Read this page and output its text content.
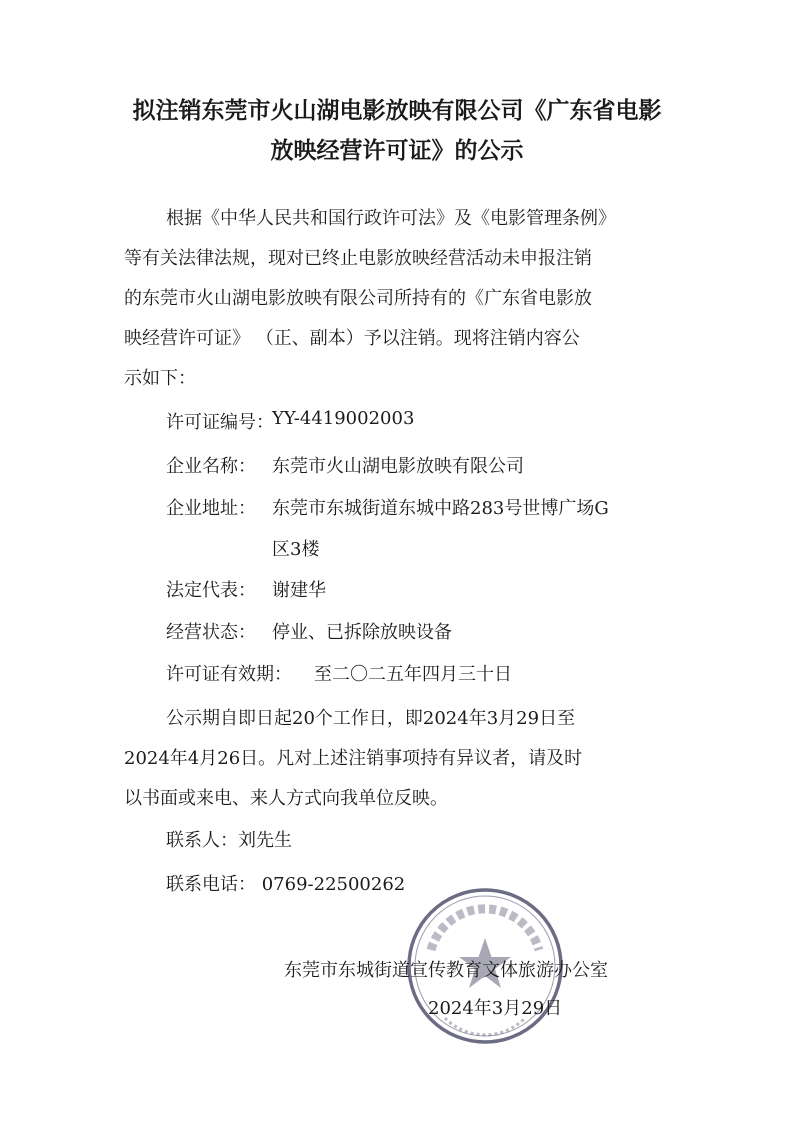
拟注销东莞市火山湖电影放映有限公司《广东省电影
放映经营许可证》的公示

根据《中华人民共和国行政许可法》及《电影管理条例》

等有关法律法规，现对已终止电影放映经营活动未申报注销

的东莞市火山湖电影放映有限公司所持有的《广东省电影放

映经营许可证》 （正、副本）予以注销。现将注销内容公

示如下：

许可证编号：
YY-4419002003
企业名称： 东莞市火山湖电影放映有限公司
企业地址： 东莞市东城街道东城中路283号世博广场G
区3楼
法定代表： 谢建华
经营状态： 停业、已拆除放映设备
许可证有效期： 至二〇二五年四月三十日

公示期自即日起20个工作日，即2024年3月29日至

2024年4月26日。凡对上述注销事项持有异议者，请及时

以书面或来电、来人方式向我单位反映。

联系人：刘先生

联系电话： 0769-22500262

东莞市东城街道宣传教育文体旅游办公室
2024年3月29日
